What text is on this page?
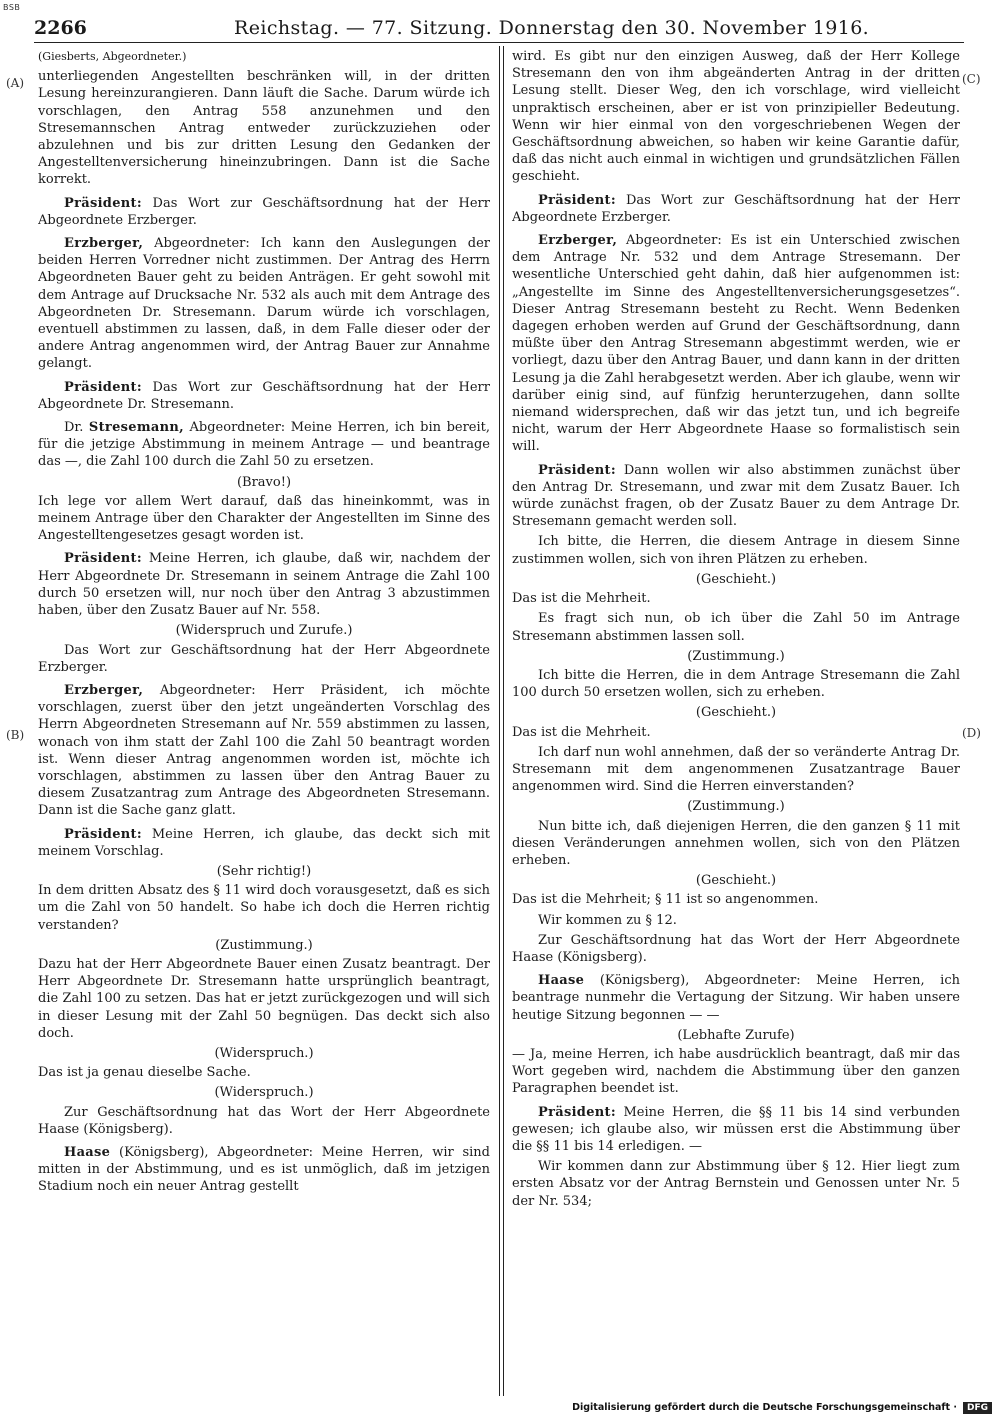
BSB
2266	Reichstag. — 77. Sitzung. Donnerstag den 30. November 1916.
(A)
(B)
(C)
(D)

(Giesberts, Abgeordneter.)

unterliegenden Angestellten beschränken will, in der dritten Lesung hereinzurangieren. Dann läuft die Sache. Darum würde ich vorschlagen, den Antrag 558 anzunehmen und den Stresemannschen Antrag entweder zurückzuziehen oder abzulehnen und bis zur dritten Lesung den Gedanken der Angestelltenversicherung hineinzubringen. Dann ist die Sache korrekt.

Präsident: Das Wort zur Geschäftsordnung hat der Herr Abgeordnete Erzberger.

Erzberger, Abgeordneter: Ich kann den Auslegungen der beiden Herren Vorredner nicht zustimmen. Der Antrag des Herrn Abgeordneten Bauer geht zu beiden Anträgen. Er geht sowohl mit dem Antrage auf Drucksache Nr. 532 als auch mit dem Antrage des Abgeordneten Dr. Stresemann. Darum würde ich vorschlagen, eventuell abstimmen zu lassen, daß, in dem Falle dieser oder der andere Antrag angenommen wird, der Antrag Bauer zur Annahme gelangt.

Präsident: Das Wort zur Geschäftsordnung hat der Herr Abgeordnete Dr. Stresemann.

Dr. Stresemann, Abgeordneter: Meine Herren, ich bin bereit, für die jetzige Abstimmung in meinem Antrage — und beantrage das —, die Zahl 100 durch die Zahl 50 zu ersetzen.

(Bravo!)

Ich lege vor allem Wert darauf, daß das hineinkommt, was in meinem Antrage über den Charakter der Angestellten im Sinne des Angestelltengesetzes gesagt worden ist.

Präsident: Meine Herren, ich glaube, daß wir, nachdem der Herr Abgeordnete Dr. Stresemann in seinem Antrage die Zahl 100 durch 50 ersetzen will, nur noch über den Antrag 3 abzustimmen haben, über den Zusatz Bauer auf Nr. 558.

(Widerspruch und Zurufe.)

Das Wort zur Geschäftsordnung hat der Herr Abgeordnete Erzberger.

Erzberger, Abgeordneter: Herr Präsident, ich möchte vorschlagen, zuerst über den jetzt ungeänderten Vorschlag des Herrn Abgeordneten Stresemann auf Nr. 559 abstimmen zu lassen, wonach von ihm statt der Zahl 100 die Zahl 50 beantragt worden ist. Wenn dieser Antrag angenommen worden ist, möchte ich vorschlagen, abstimmen zu lassen über den Antrag Bauer zu diesem Zusatzantrag zum Antrage des Abgeordneten Stresemann. Dann ist die Sache ganz glatt.

Präsident: Meine Herren, ich glaube, das deckt sich mit meinem Vorschlag.

(Sehr richtig!)

In dem dritten Absatz des § 11 wird doch vorausgesetzt, daß es sich um die Zahl von 50 handelt. So habe ich doch die Herren richtig verstanden?

(Zustimmung.)

Dazu hat der Herr Abgeordnete Bauer einen Zusatz beantragt. Der Herr Abgeordnete Dr. Stresemann hatte ursprünglich beantragt, die Zahl 100 zu setzen. Das hat er jetzt zurückgezogen und will sich in dieser Lesung mit der Zahl 50 begnügen. Das deckt sich also doch.

(Widerspruch.)

Das ist ja genau dieselbe Sache.

(Widerspruch.)

Zur Geschäftsordnung hat das Wort der Herr Abgeordnete Haase (Königsberg).

Haase (Königsberg), Abgeordneter: Meine Herren, wir sind mitten in der Abstimmung, und es ist unmöglich, daß im jetzigen Stadium noch ein neuer Antrag gestellt

wird. Es gibt nur den einzigen Ausweg, daß der Herr Kollege Stresemann den von ihm abgeänderten Antrag in der dritten Lesung stellt. Dieser Weg, den ich vorschlage, wird vielleicht unpraktisch erscheinen, aber er ist von prinzipieller Bedeutung. Wenn wir hier einmal von den vorgeschriebenen Wegen der Geschäftsordnung abweichen, so haben wir keine Garantie dafür, daß das nicht auch einmal in wichtigen und grundsätzlichen Fällen geschieht.

Präsident: Das Wort zur Geschäftsordnung hat der Herr Abgeordnete Erzberger.

Erzberger, Abgeordneter: Es ist ein Unterschied zwischen dem Antrage Nr. 532 und dem Antrage Stresemann. Der wesentliche Unterschied geht dahin, daß hier aufgenommen ist: „Angestellte im Sinne des Angestelltenversicherungsgesetzes“. Dieser Antrag Stresemann besteht zu Recht. Wenn Bedenken dagegen erhoben werden auf Grund der Geschäftsordnung, dann müßte über den Antrag Stresemann abgestimmt werden, wie er vorliegt, dazu über den Antrag Bauer, und dann kann in der dritten Lesung ja die Zahl herabgesetzt werden. Aber ich glaube, wenn wir darüber einig sind, auf fünfzig herunterzugehen, dann sollte niemand widersprechen, daß wir das jetzt tun, und ich begreife nicht, warum der Herr Abgeordnete Haase so formalistisch sein will.

Präsident: Dann wollen wir also abstimmen zunächst über den Antrag Dr. Stresemann, und zwar mit dem Zusatz Bauer. Ich würde zunächst fragen, ob der Zusatz Bauer zu dem Antrage Dr. Stresemann gemacht werden soll.

Ich bitte, die Herren, die diesem Antrage in diesem Sinne zustimmen wollen, sich von ihren Plätzen zu erheben.

(Geschieht.)

Das ist die Mehrheit.

Es fragt sich nun, ob ich über die Zahl 50 im Antrage Stresemann abstimmen lassen soll.

(Zustimmung.)

Ich bitte die Herren, die in dem Antrage Stresemann die Zahl 100 durch 50 ersetzen wollen, sich zu erheben.

(Geschieht.)

Das ist die Mehrheit.

Ich darf nun wohl annehmen, daß der so veränderte Antrag Dr. Stresemann mit dem angenommenen Zusatzantrage Bauer angenommen wird. Sind die Herren einverstanden?

(Zustimmung.)

Nun bitte ich, daß diejenigen Herren, die den ganzen § 11 mit diesen Veränderungen annehmen wollen, sich von den Plätzen erheben.

(Geschieht.)

Das ist die Mehrheit; § 11 ist so angenommen.

Wir kommen zu § 12.

Zur Geschäftsordnung hat das Wort der Herr Abgeordnete Haase (Königsberg).

Haase (Königsberg), Abgeordneter: Meine Herren, ich beantrage nunmehr die Vertagung der Sitzung. Wir haben unsere heutige Sitzung begonnen — —

(Lebhafte Zurufe)

— Ja, meine Herren, ich habe ausdrücklich beantragt, daß mir das Wort gegeben wird, nachdem die Abstimmung über den ganzen Paragraphen beendet ist.

Präsident: Meine Herren, die §§ 11 bis 14 sind verbunden gewesen; ich glaube also, wir müssen erst die Abstimmung über die §§ 11 bis 14 erledigen. —

Wir kommen dann zur Abstimmung über § 12. Hier liegt zum ersten Absatz vor der Antrag Bernstein und Genossen unter Nr. 5 der Nr. 534;

Digitalisierung gefördert durch die Deutsche Forschungsgemeinschaft · DFG
